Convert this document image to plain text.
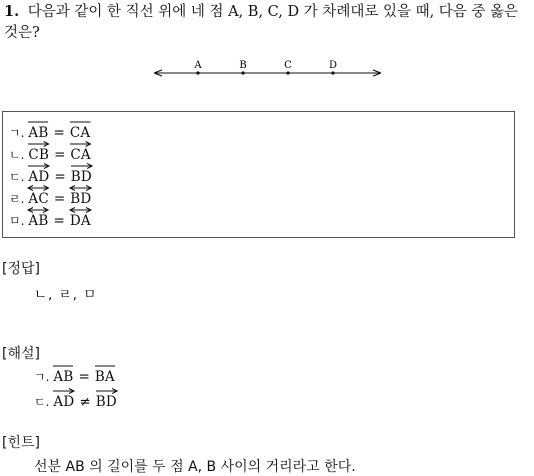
1. 다음과 같이 한 직선 위에 네 점 A, B, C, D 가 차례대로 있을 때, 다음 중 옳은 것은?
A	B	C	D
ㄱ. AB = CA
ㄴ. CB = CA
ㄷ. AD = BD
ㄹ. AC = BD
ㅁ. AB = DA
[정답]
ㄴ, ㄹ, ㅁ
[해설]
ㄱ. AB = BA
ㄷ. AD ≠ BD
[힌트]
선분 AB 의 길이를 두 점 A, B 사이의 거리라고 한다.
